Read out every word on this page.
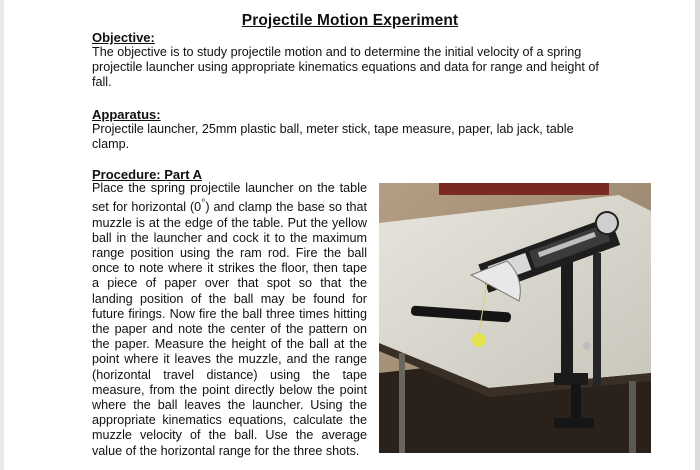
Projectile Motion Experiment
Objective:

The objective is to study projectile motion and to determine the initial velocity of a spring projectile launcher using appropriate kinematics equations and data for range and height of fall.

Apparatus:

Projectile launcher, 25mm plastic ball, meter stick, tape measure, paper, lab jack, table clamp.

Procedure: Part A

Place the spring projectile launcher on the table set for horizontal (0°) and clamp the base so that muzzle is at the edge of the table. Put the yellow ball in the launcher and cock it to the maximum range position using the ram rod. Fire the ball once to note where it strikes the floor, then tape a piece of paper over that spot so that the landing position of the ball may be found for future firings. Now fire the ball three times hitting the paper and note the center of the pattern on the paper. Measure the height of the ball at the point where it leaves the muzzle, and the range (horizontal travel distance) using the tape measure, from the point directly below the point where the ball leaves the launcher. Using the appropriate kinematics equations, calculate the muzzle velocity of the ball. Use the average value of the horizontal range for the three shots.
